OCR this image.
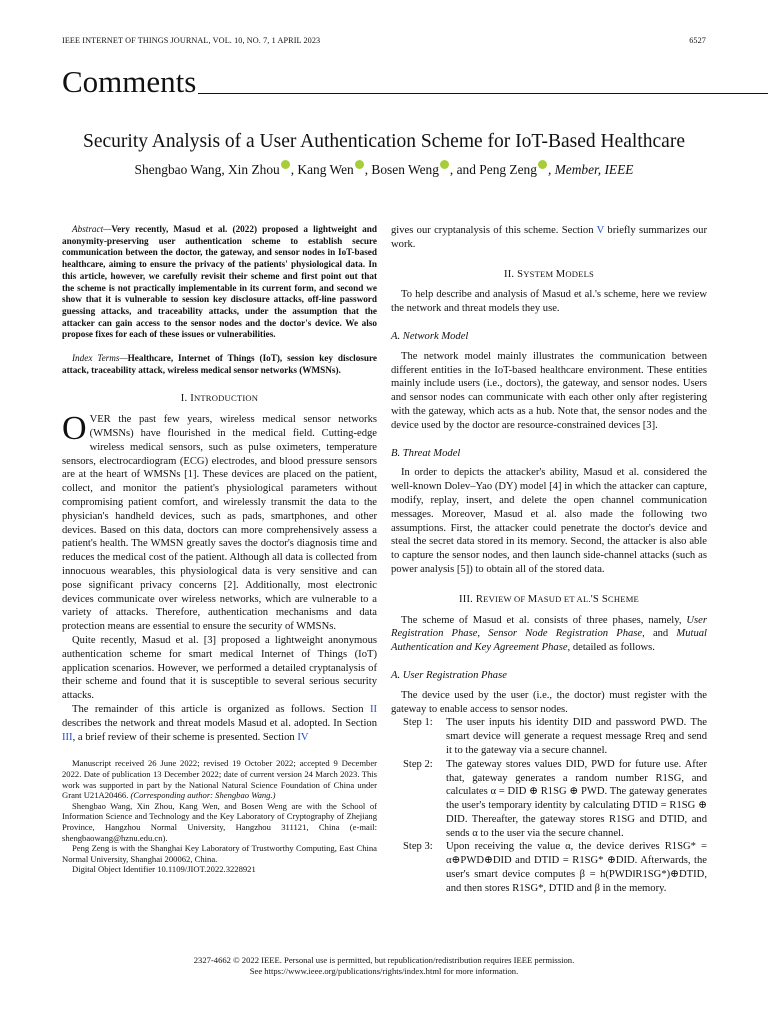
IEEE INTERNET OF THINGS JOURNAL, VOL. 10, NO. 7, 1 APRIL 2023	6527
Comments
Security Analysis of a User Authentication Scheme for IoT-Based Healthcare
Shengbao Wang, Xin Zhou , Kang Wen , Bosen Weng , and Peng Zeng , Member, IEEE

Abstract—Very recently, Masud et al. (2022) proposed a lightweight and anonymity-preserving user authentication scheme to establish secure communication between the doctor, the gateway, and sensor nodes in IoT-based healthcare, aiming to ensure the privacy of the patients' physiological data. In this article, however, we carefully revisit their scheme and first point out that the scheme is not practically implementable in its current form, and second we show that it is vulnerable to session key disclosure attacks, off-line password guessing attacks, and traceability attacks, under the assumption that the attacker can gain access to the sensor nodes and the doctor's device. We also propose fixes for each of these issues or vulnerabilities.

Index Terms—Healthcare, Internet of Things (IoT), session key disclosure attack, traceability attack, wireless medical sensor networks (WMSNs).

I. INTRODUCTION

OVER the past few years, wireless medical sensor networks (WMSNs) have flourished in the medical field. Cutting-edge wireless medical sensors, such as pulse oximeters, temperature sensors, electrocardiogram (ECG) electrodes, and blood pressure sensors are at the heart of WMSNs [1]. These devices are placed on the patient, collect, and monitor the patient's physiological parameters without compromising patient comfort, and wirelessly transmit the data to the physician's handheld devices, such as pads, smartphones, and other devices. Based on this data, doctors can more comprehensively assess a patient's health. The WMSN greatly saves the doctor's diagnosis time and reduces the medical cost of the patient. Although all data is collected from innocuous wearables, this physiological data is very sensitive and can pose significant privacy concerns [2]. Additionally, most electronic devices communicate over wireless networks, which are vulnerable to a variety of attacks. Therefore, authentication mechanisms and data protection means are essential to ensure the security of WMSNs.

Quite recently, Masud et al. [3] proposed a lightweight anonymous authentication scheme for smart medical Internet of Things (IoT) application scenarios. However, we performed a detailed cryptanalysis of their scheme and found that it is susceptible to several serious security attacks.

The remainder of this article is organized as follows. Section II describes the network and threat models Masud et al. adopted. In Section III, a brief review of their scheme is presented. Section IV

Manuscript received 26 June 2022; revised 19 October 2022; accepted 9 December 2022. Date of publication 13 December 2022; date of current version 24 March 2023. This work was supported in part by the National Natural Science Foundation of China under Grant U21A20466. (Corresponding author: Shengbao Wang.)

Shengbao Wang, Xin Zhou, Kang Wen, and Bosen Weng are with the School of Information Science and Technology and the Key Laboratory of Cryptography of Zhejiang Province, Hangzhou Normal University, Hangzhou 311121, China (e-mail: shengbaowang@hznu.edu.cn).

Peng Zeng is with the Shanghai Key Laboratory of Trustworthy Computing, East China Normal University, Shanghai 200062, China.

Digital Object Identifier 10.1109/JIOT.2022.3228921

gives our cryptanalysis of this scheme. Section V briefly summarizes our work.

II. SYSTEM MODELS

To help describe and analysis of Masud et al.'s scheme, here we review the network and threat models they use.

A. Network Model

The network model mainly illustrates the communication between different entities in the IoT-based healthcare environment. These entities mainly include users (i.e., doctors), the gateway, and sensor nodes. Users and sensor nodes can communicate with each other only after registering with the gateway, which acts as a hub. Note that, the sensor nodes and the device used by the doctor are resource-constrained devices [3].

B. Threat Model

In order to depicts the attacker's ability, Masud et al. considered the well-known Dolev–Yao (DY) model [4] in which the attacker can capture, modify, replay, insert, and delete the open channel communication messages. Moreover, Masud et al. also made the following two assumptions. First, the attacker could penetrate the doctor's device and steal the secret data stored in its memory. Second, the attacker is also able to capture the sensor nodes, and then launch side-channel attacks (such as power analysis [5]) to obtain all of the stored data.

III. REVIEW OF MASUD ET AL.'S SCHEME

The scheme of Masud et al. consists of three phases, namely, User Registration Phase, Sensor Node Registration Phase, and Mutual Authentication and Key Agreement Phase, detailed as follows.

A. User Registration Phase

The device used by the user (i.e., the doctor) must register with the gateway to enable access to sensor nodes.

Step 1:	The user inputs his identity DID and password PWD. The smart device will generate a request message Rreq and send it to the gateway via a secure channel.
Step 2:	The gateway stores values DID, PWD for future use. After that, gateway generates a random number R1SG, and calculates α = DID ⊕ R1SG ⊕ PWD. The gateway generates the user's temporary identity by calculating DTID = R1SG ⊕ DID. Thereafter, the gateway stores R1SG and DTID, and sends α to the user via the secure channel.
Step 3:	Upon receiving the value α, the device derives R1SG* = α⊕PWD⊕DID and DTID = R1SG* ⊕DID. Afterwards, the user's smart device computes β = h(PWD‖R1SG*)⊕DTID, and then stores R1SG*, DTID and β in the memory.
2327-4662 © 2022 IEEE. Personal use is permitted, but republication/redistribution requires IEEE permission.
See https://www.ieee.org/publications/rights/index.html for more information.
